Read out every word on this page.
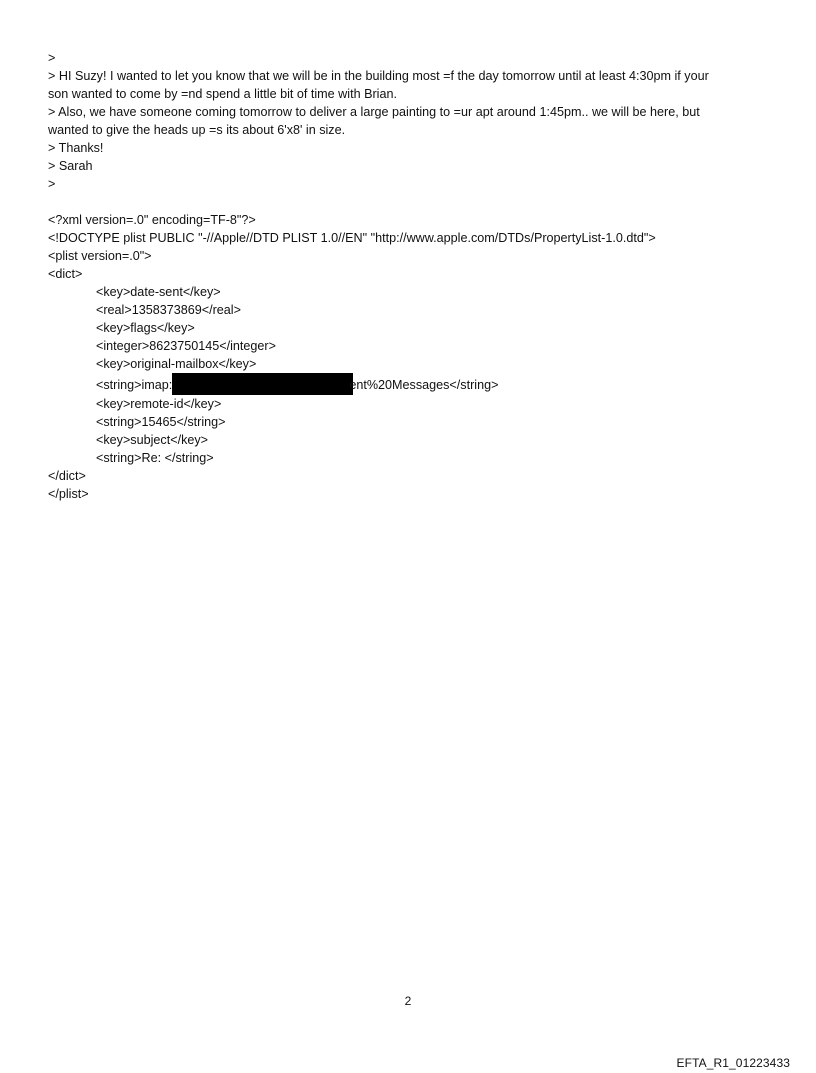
>
> HI Suzy! I wanted to let you know that we will be in the building most =f the day tomorrow until at least 4:30pm if your
son wanted to come by =nd spend a little bit of time with Brian.
> Also, we have someone coming tomorrow to deliver a large painting to =ur apt around 1:45pm.. we will be here, but
wanted to give the heads up =s its about 6'x8' in size.
> Thanks!
> Sarah
>
<?xml version=.0" encoding=TF-8"?>
<!DOCTYPE plist PUBLIC "-//Apple//DTD PLIST 1.0//EN" "http://www.apple.com/DTDs/PropertyList-1.0.dtd">
<plist version=.0">
<dict>
<key>date-sent</key>
<real>1358373869</real>
<key>flags</key>
<integer>8623750145</integer>
<key>original-mailbox</key>
<string>imap:	ent%20Messages</string>
<key>remote-id</key>
<string>15465</string>
<key>subject</key>
<string>Re: </string>
</dict>
</plist>
2
EFTA_R1_01223433
